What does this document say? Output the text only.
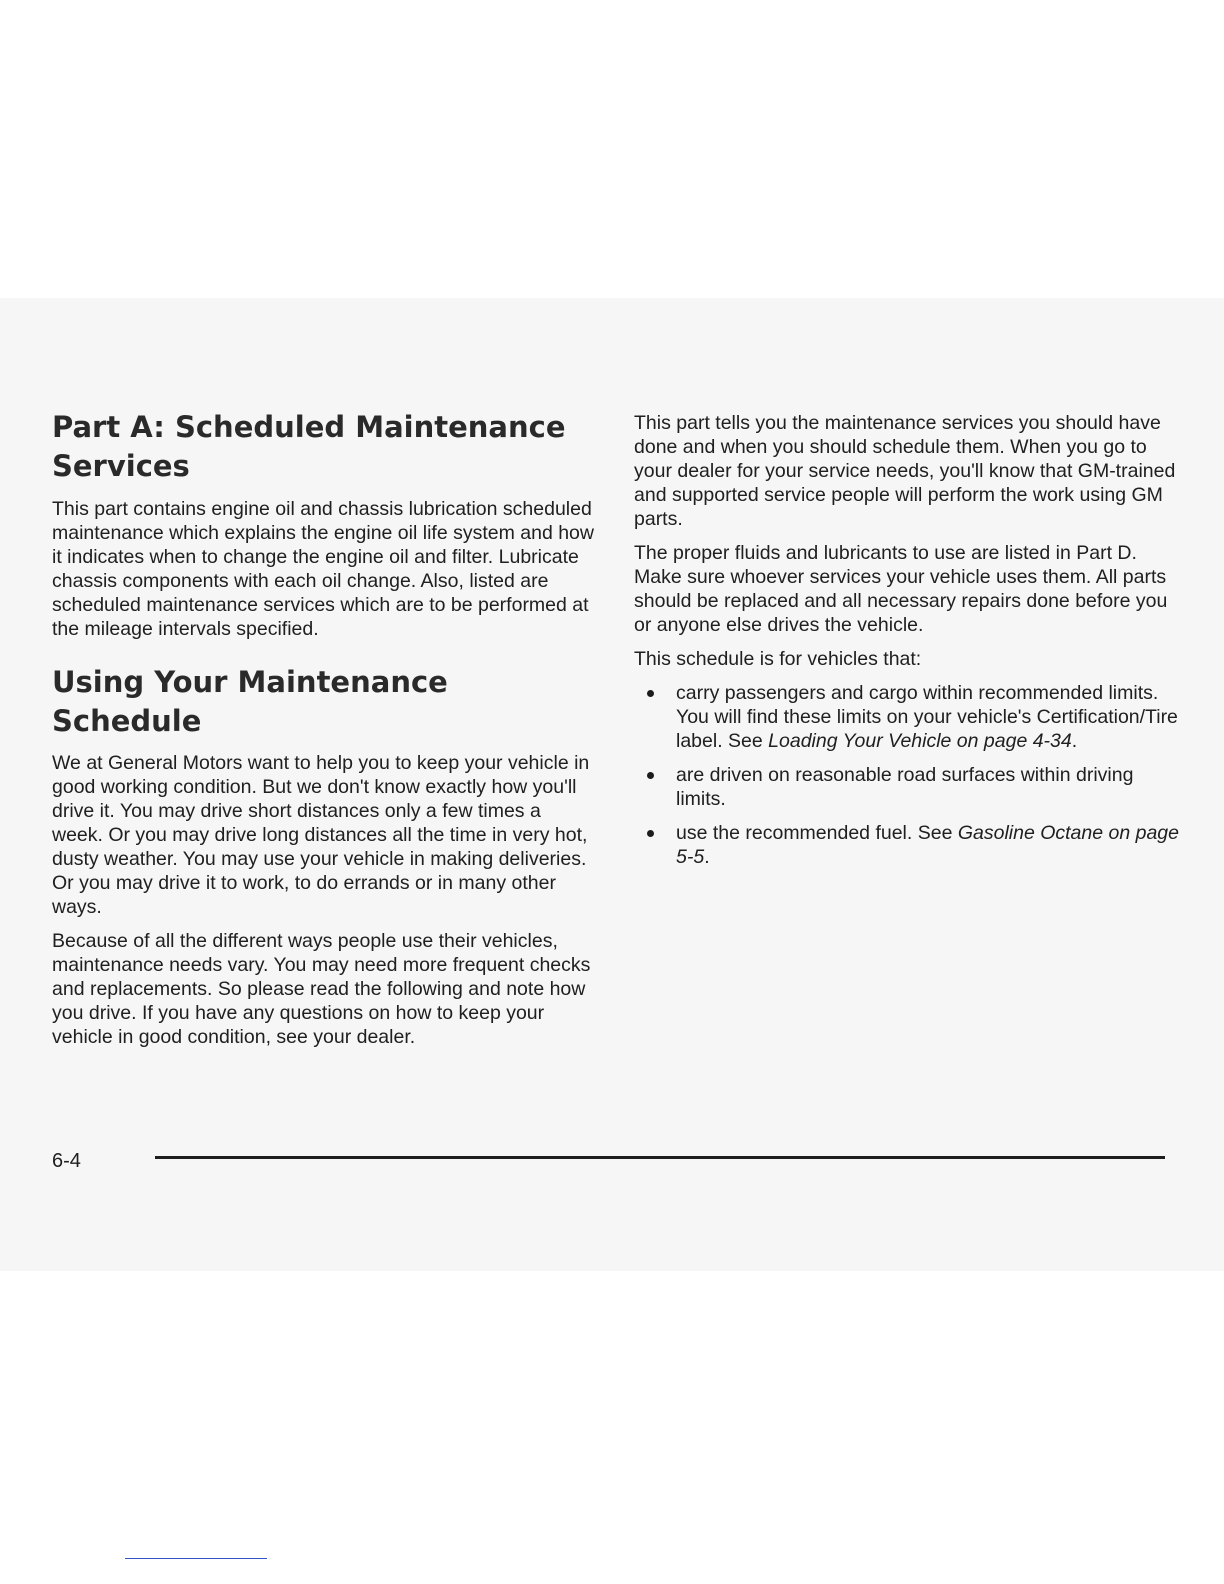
Part A: Scheduled Maintenance Services

This part contains engine oil and chassis lubrication scheduled maintenance which explains the engine oil life system and how it indicates when to change the engine oil and filter. Lubricate chassis components with each oil change. Also, listed are scheduled maintenance services which are to be performed at the mileage intervals specified.

Using Your Maintenance Schedule

We at General Motors want to help you to keep your vehicle in good working condition. But we don't know exactly how you'll drive it. You may drive short distances only a few times a week. Or you may drive long distances all the time in very hot, dusty weather. You may use your vehicle in making deliveries. Or you may drive it to work, to do errands or in many other ways.

Because of all the different ways people use their vehicles, maintenance needs vary. You may need more frequent checks and replacements. So please read the following and note how you drive. If you have any questions on how to keep your vehicle in good condition, see your dealer.

This part tells you the maintenance services you should have done and when you should schedule them. When you go to your dealer for your service needs, you'll know that GM-trained and supported service people will perform the work using GM parts.

The proper fluids and lubricants to use are listed in Part D. Make sure whoever services your vehicle uses them. All parts should be replaced and all necessary repairs done before you or anyone else drives the vehicle.

This schedule is for vehicles that:

carry passengers and cargo within recommended limits. You will find these limits on your vehicle's Certification/Tire label. See Loading Your Vehicle on page 4-34.
are driven on reasonable road surfaces within driving limits.
use the recommended fuel. See Gasoline Octane on page 5-5.
6-4
